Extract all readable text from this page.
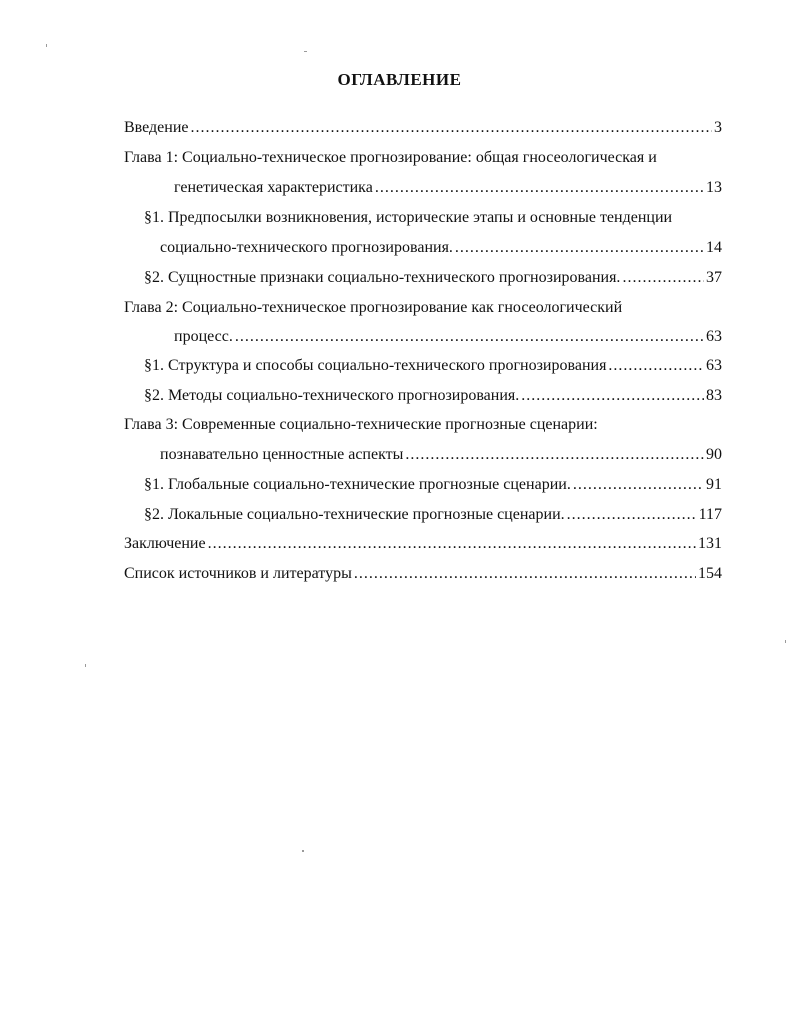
ОГЛАВЛЕНИЕ
Введение .....	3
Глава 1: Социально-техническое прогнозирование: общая гносеологическая и
генетическая характеристика .....	13
§1. Предпосылки возникновения, исторические этапы и основные тенденции
социально-технического прогнозирования. .....	14
§2. Сущностные признаки социально-технического прогнозирования. .....	37
Глава 2: Социально-техническое прогнозирование как гносеологический
процесс. .....	63
§1. Структура и способы социально-технического прогнозирования .....	63
§2. Методы социально-технического прогнозирования. .....	83
Глава 3: Современные социально-технические прогнозные сценарии:
познавательно ценностные аспекты .....	90
§1. Глобальные социально-технические прогнозные сценарии. .....	91
§2. Локальные социально-технические прогнозные сценарии. .....	117
Заключение .....	131
Список источников и литературы .....	154
